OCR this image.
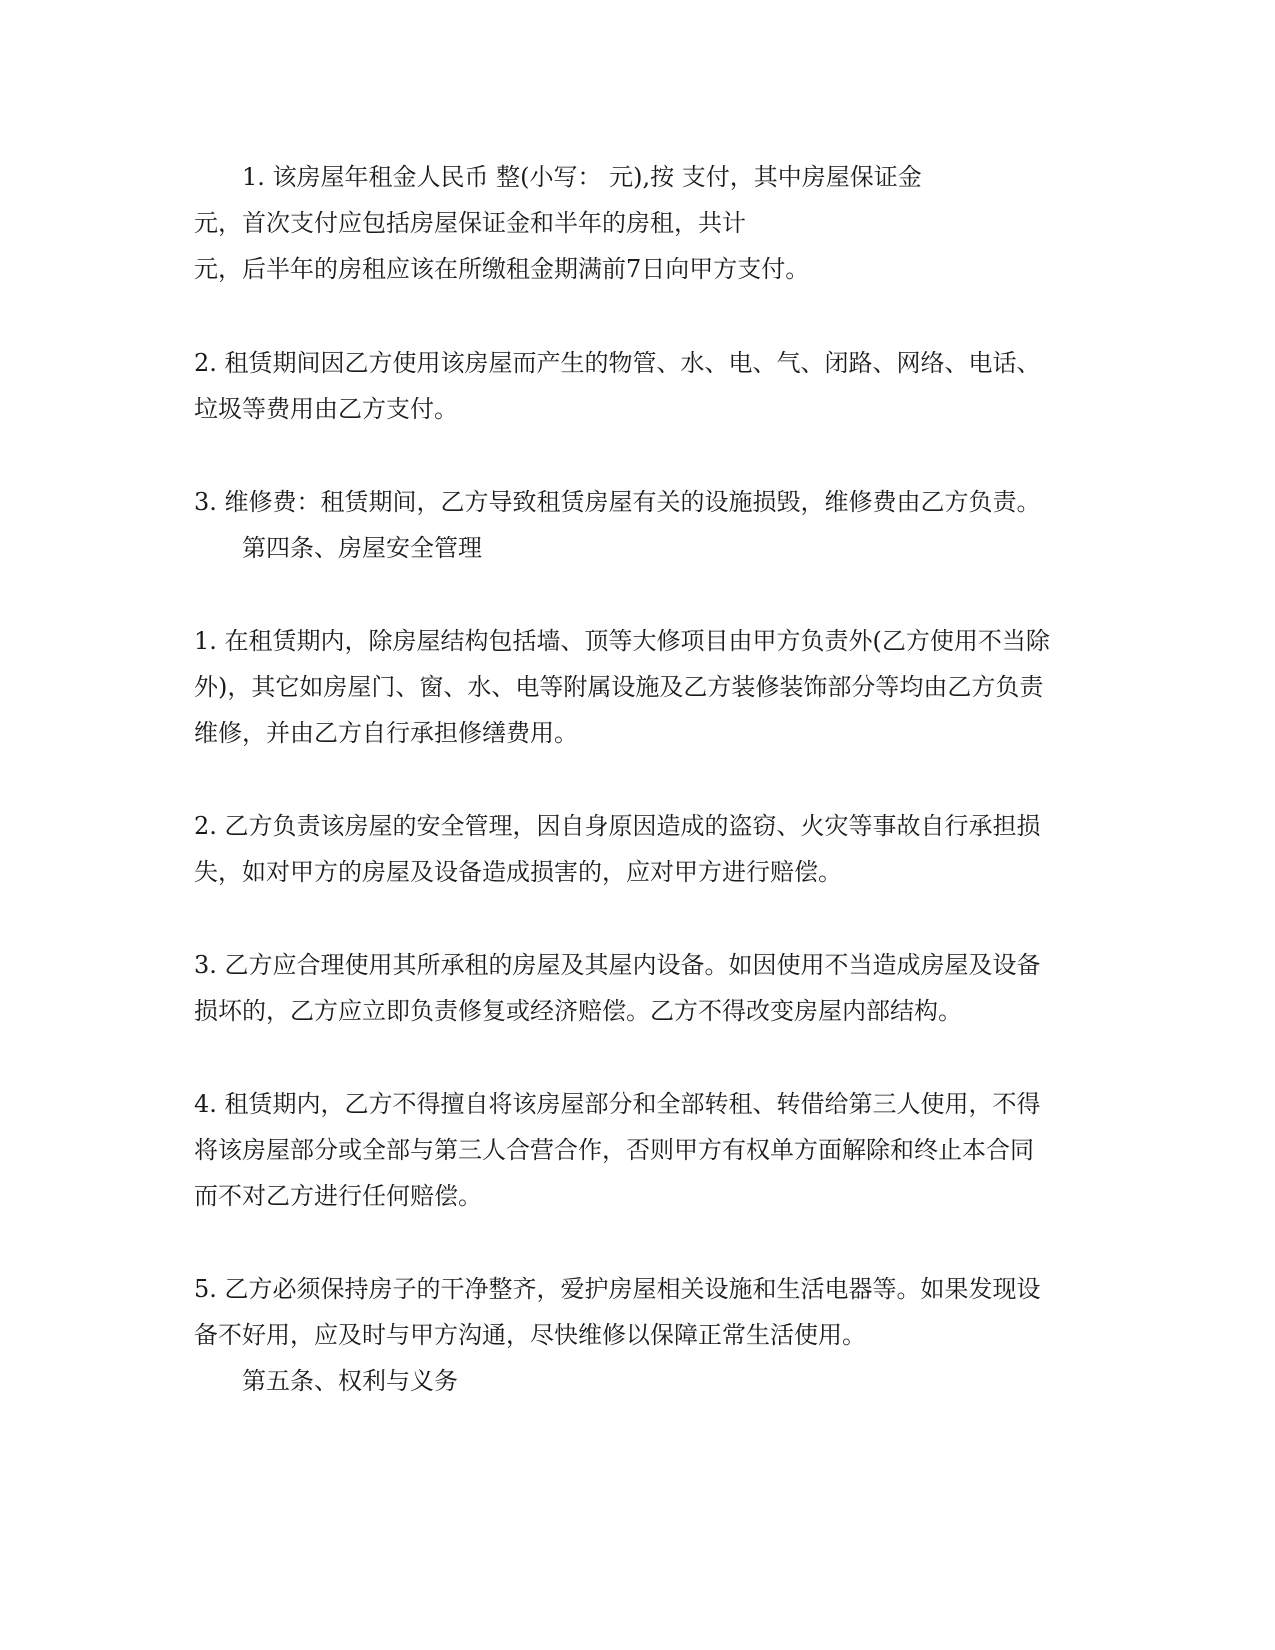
1. 该房屋年租金人民币 整(小写： 元),按 支付，其中房屋保证金
元，首次支付应包括房屋保证金和半年的房租，共计
元，后半年的房租应该在所缴租金期满前7日向甲方支付。
2. 租赁期间因乙方使用该房屋而产生的物管、水、电、气、闭路、网络、电话、
垃圾等费用由乙方支付。
3. 维修费：租赁期间，乙方导致租赁房屋有关的设施损毁，维修费由乙方负责。
第四条、房屋安全管理
1. 在租赁期内，除房屋结构包括墙、顶等大修项目由甲方负责外(乙方使用不当除
外)，其它如房屋门、窗、水、电等附属设施及乙方装修装饰部分等均由乙方负责
维修，并由乙方自行承担修缮费用。
2. 乙方负责该房屋的安全管理，因自身原因造成的盗窃、火灾等事故自行承担损
失，如对甲方的房屋及设备造成损害的，应对甲方进行赔偿。
3. 乙方应合理使用其所承租的房屋及其屋内设备。如因使用不当造成房屋及设备
损坏的，乙方应立即负责修复或经济赔偿。乙方不得改变房屋内部结构。
4. 租赁期内，乙方不得擅自将该房屋部分和全部转租、转借给第三人使用，不得
将该房屋部分或全部与第三人合营合作，否则甲方有权单方面解除和终止本合同
而不对乙方进行任何赔偿。
5. 乙方必须保持房子的干净整齐，爱护房屋相关设施和生活电器等。如果发现设
备不好用，应及时与甲方沟通，尽快维修以保障正常生活使用。
第五条、权利与义务
